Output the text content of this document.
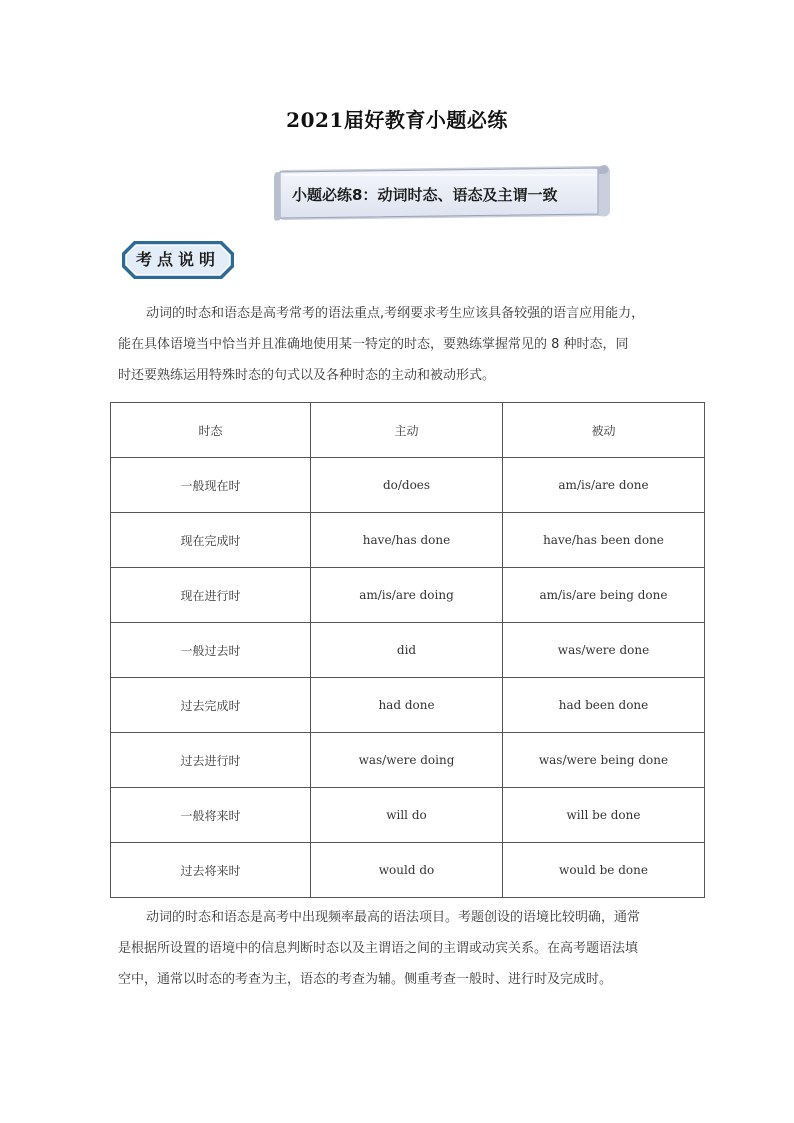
2021届好教育小题必练
小题必练8：动词时态、语态及主谓一致
考点说明

动词的时态和语态是高考常考的语法重点,考纲要求考生应该具备较强的语言应用能力，
能在具体语境当中恰当并且准确地使用某一特定的时态，要熟练掌握常见的 8 种时态，同
时还要熟练运用特殊时态的句式以及各种时态的主动和被动形式。

时态	主动	被动
一般现在时	do/does	am/is/are done
现在完成时	have/has done	have/has been done
现在进行时	am/is/are doing	am/is/are being done
一般过去时	did	was/were done
过去完成时	had done	had been done
过去进行时	was/were doing	was/were being done
一般将来时	will do	will be done
过去将来时	would do	would be done

动词的时态和语态是高考中出现频率最高的语法项目。考题创设的语境比较明确，通常
是根据所设置的语境中的信息判断时态以及主谓语之间的主谓或动宾关系。在高考题语法填
空中，通常以时态的考查为主，语态的考查为辅。侧重考查一般时、进行时及完成时。
